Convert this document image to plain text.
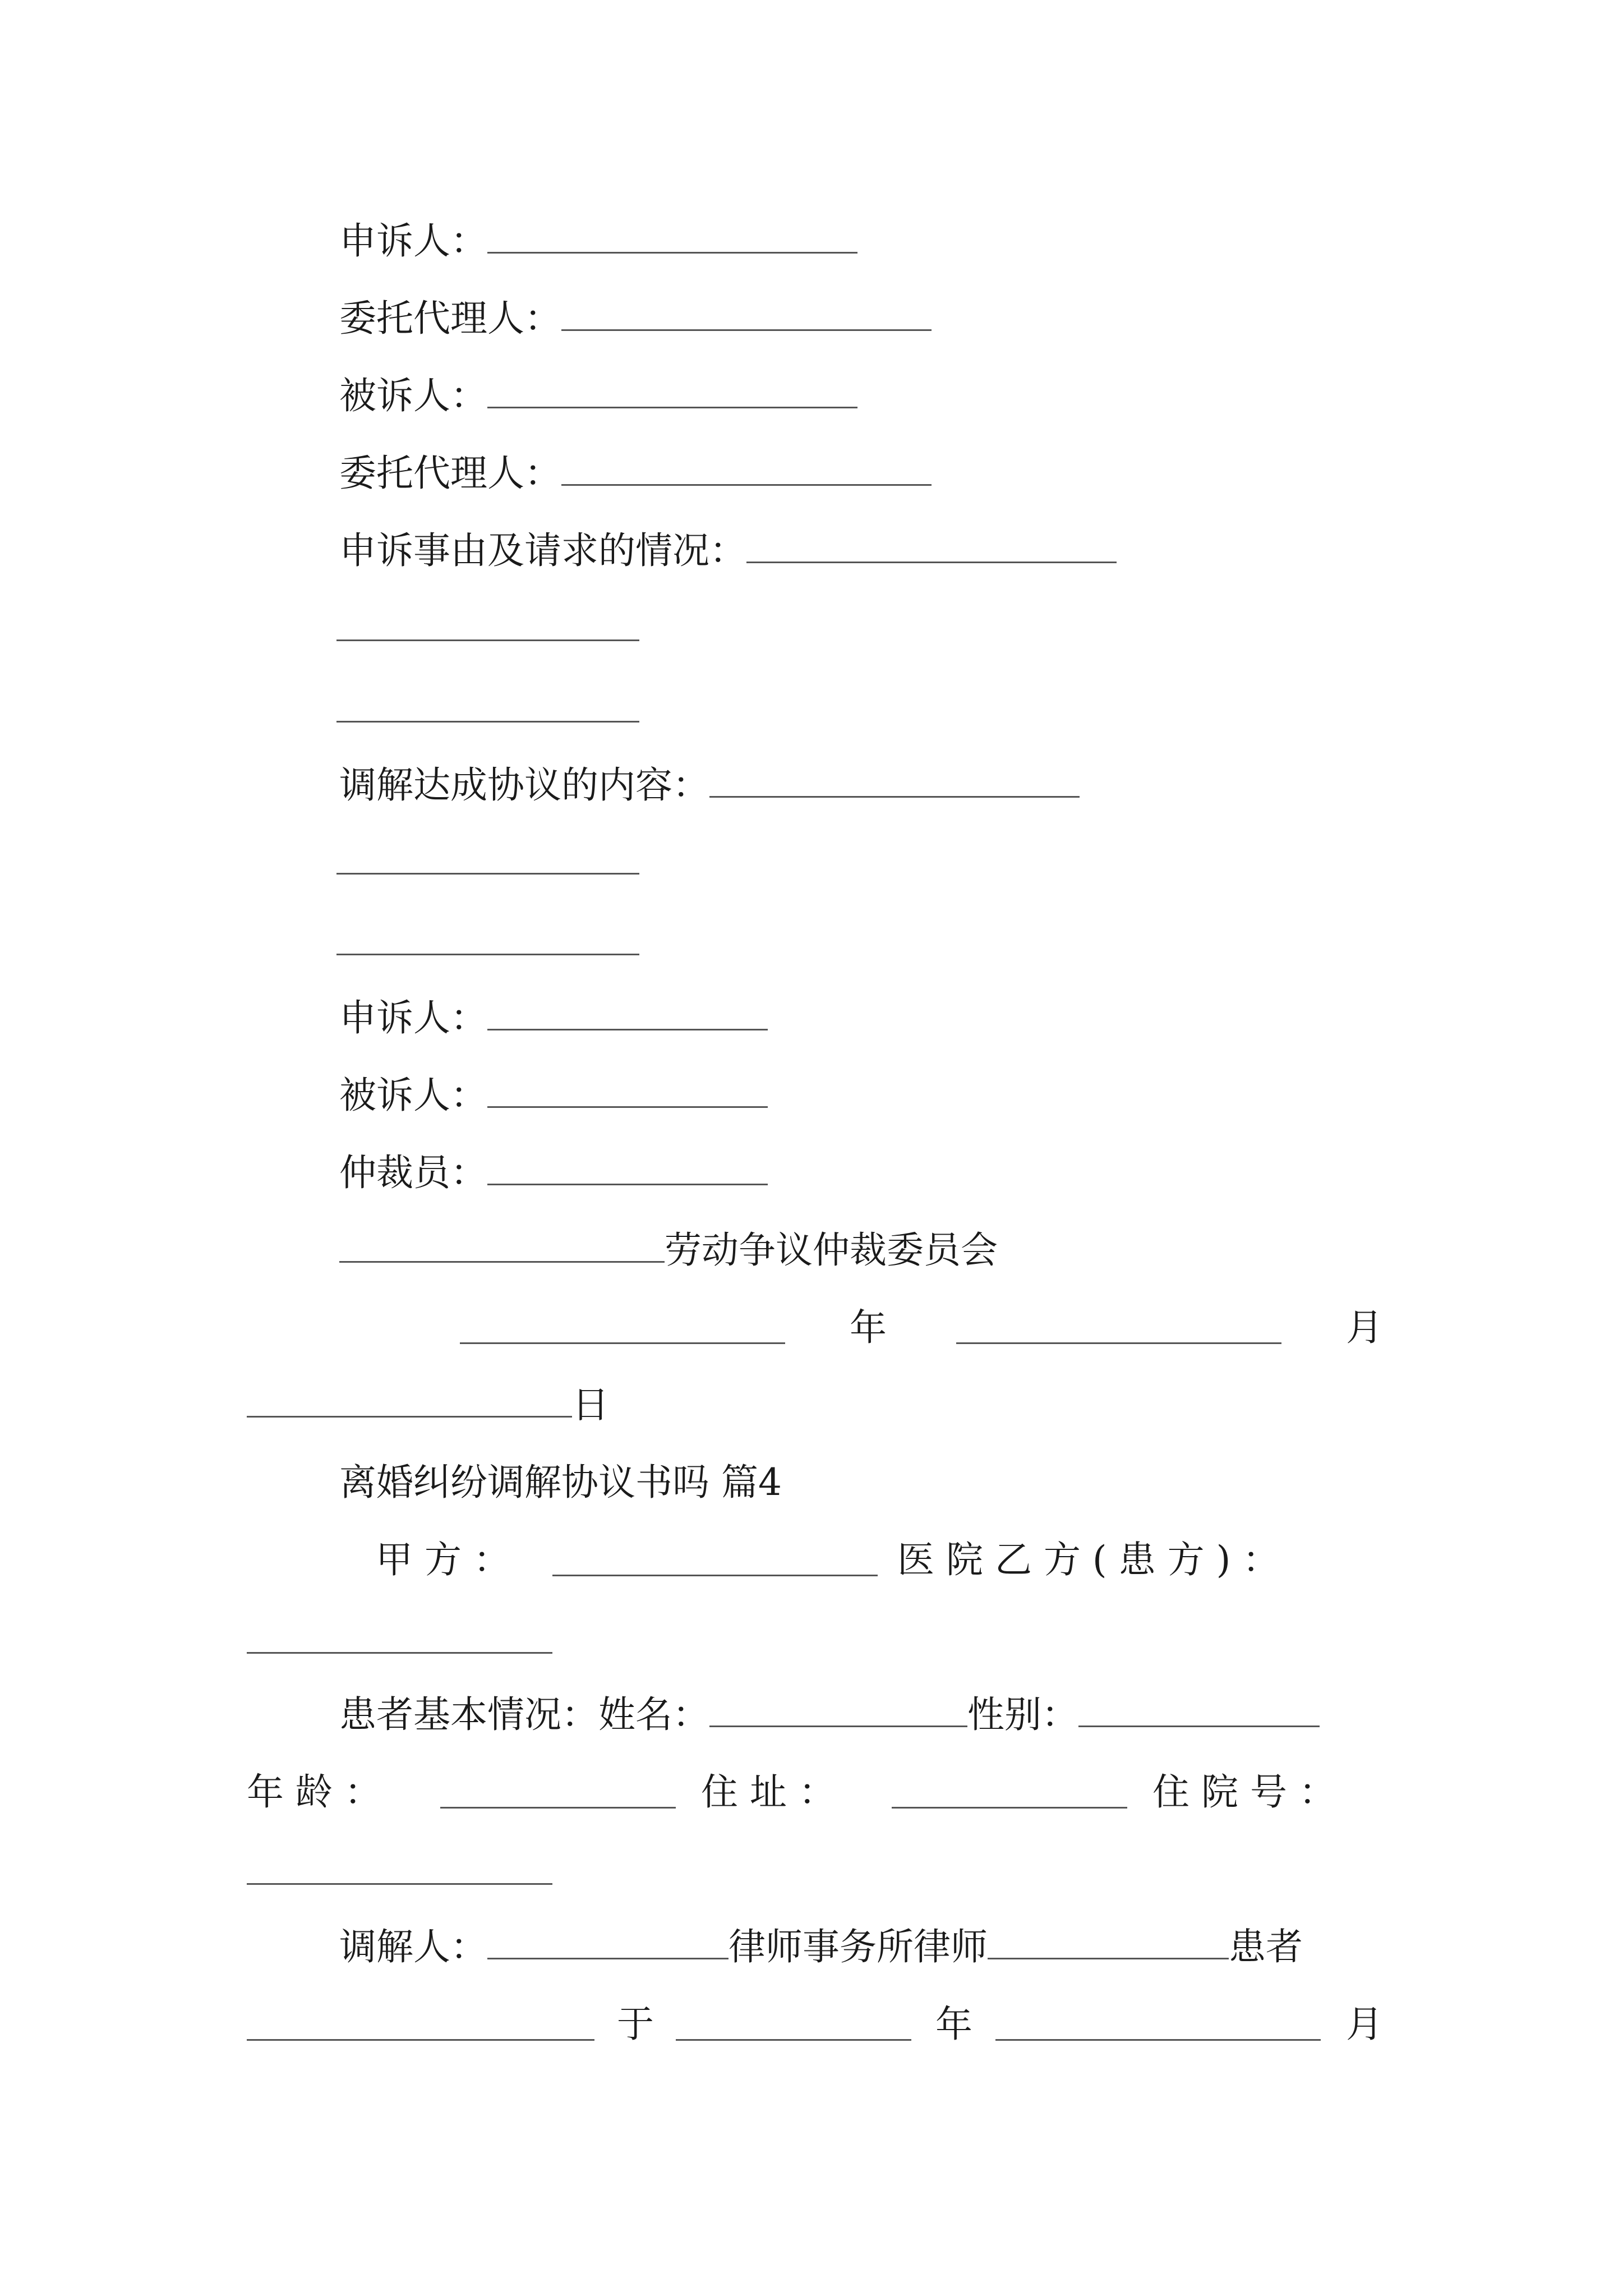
申诉人：
委托代理人：
被诉人：
委托代理人：
申诉事由及请求的情况：
调解达成协议的内容：
申诉人：
被诉人：
仲裁员：
劳动争议仲裁委员会
年	月
日
离婚纠纷调解协议书吗 篇4
甲 方 ：	医 院 乙 方 ( 患 方 ) ：
患者基本情况：姓名：	性别：
年 龄 ：	住 址 ：	住 院 号 ：
调解人：	律师事务所律师	患者
于	年	月
